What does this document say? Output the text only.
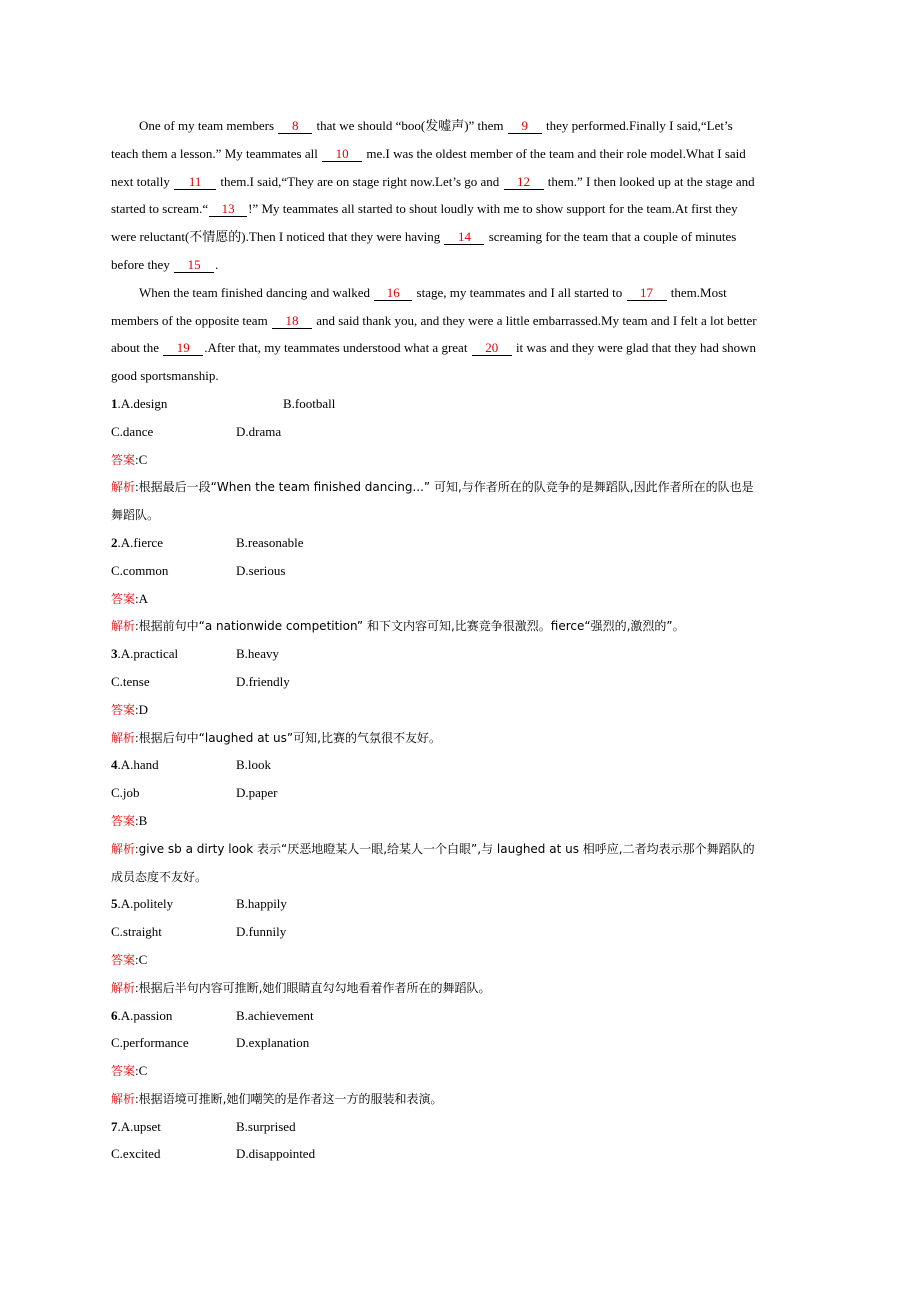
One of my team members 8 that we should “boo(发嘘声)” them 9 they performed.Finally I said,“Let’s
teach them a lesson.” My teammates all 10 me.I was the oldest member of the team and their role model.What I said
next totally 11 them.I said,“They are on stage right now.Let’s go and 12 them.” I then looked up at the stage and
started to scream.“ 13 !” My teammates all started to shout loudly with me to show support for the team.At first they
were reluctant(不情愿的).Then I noticed that they were having 14 screaming for the team that a couple of minutes
before they 15 .
When the team finished dancing and walked 16 stage, my teammates and I all started to 17 them.Most
members of the opposite team 18 and said thank you, and they were a little embarrassed.My team and I felt a lot better
about the 19 .After that, my teammates understood what a great 20 it was and they were glad that they had shown
good sportsmanship.
1.A.design	B.football
C.dance	D.drama
答案:C
解析:根据最后一段“When the team finished dancing...” 可知,与作者所在的队竞争的是舞蹈队,因此作者所在的队也是
舞蹈队。
2.A.fierce	B.reasonable
C.common	D.serious
答案:A
解析:根据前句中“a nationwide competition” 和下文内容可知,比赛竞争很激烈。fierce“强烈的,激烈的”。
3.A.practical	B.heavy
C.tense	D.friendly
答案:D
解析:根据后句中“laughed at us”可知,比赛的气氛很不友好。
4.A.hand	B.look
C.job	D.paper
答案:B
解析:give sb a dirty look 表示“厌恶地瞪某人一眼,给某人一个白眼”,与 laughed at us 相呼应,二者均表示那个舞蹈队的
成员态度不友好。
5.A.politely	B.happily
C.straight	D.funnily
答案:C
解析:根据后半句内容可推断,她们眼睛直勾勾地看着作者所在的舞蹈队。
6.A.passion	B.achievement
C.performance	D.explanation
答案:C
解析:根据语境可推断,她们嘲笑的是作者这一方的服装和表演。
7.A.upset	B.surprised
C.excited	D.disappointed
